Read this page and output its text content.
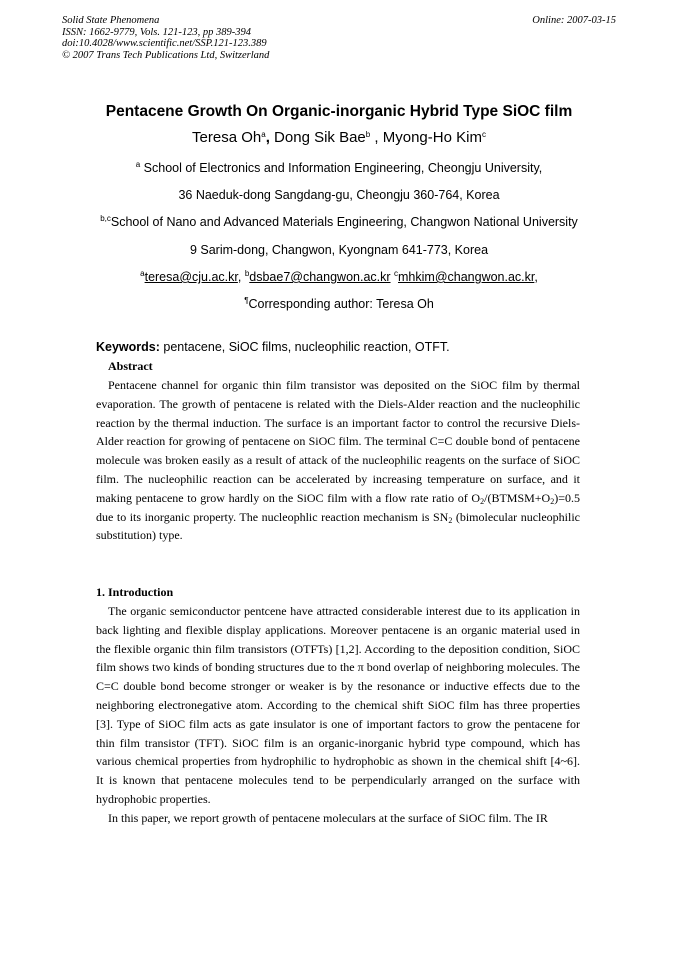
Solid State Phenomena
ISSN: 1662-9779, Vols. 121-123, pp 389-394
doi:10.4028/www.scientific.net/SSP.121-123.389
© 2007 Trans Tech Publications Ltd, Switzerland
Online: 2007-03-15
Pentacene Growth On Organic-inorganic Hybrid Type SiOC film
Teresa Oh$^a$, Dong Sik Bae$^b$ , Myong-Ho Kim$^c$
$^a$ School of Electronics and Information Engineering, Cheongju University,
36 Naeduk-dong Sangdang-gu, Cheongju 360-764, Korea
$^{b,c}$School of Nano and Advanced Materials Engineering, Changwon National University
9 Sarim-dong, Changwon, Kyongnam 641-773, Korea
$^a$teresa@cju.ac.kr, $^b$dsbae7@changwon.ac.kr $^c$mhkim@changwon.ac.kr,
¶Corresponding author: Teresa Oh
Keywords: pentacene, SiOC films, nucleophilic reaction, OTFT.
Abstract

Pentacene channel for organic thin film transistor was deposited on the SiOC film by thermal evaporation. The growth of pentacene is related with the Diels-Alder reaction and the nucleophilic reaction by the thermal induction. The surface is an important factor to control the recursive Diels-Alder reaction for growing of pentacene on SiOC film. The terminal C=C double bond of pentacene molecule was broken easily as a result of attack of the nucleophilic reagents on the surface of SiOC film. The nucleophilic reaction can be accelerated by increasing temperature on surface, and it making pentacene to grow hardly on the SiOC film with a flow rate ratio of $O_2/(BTMSM+O_2)=0.5$ due to its inorganic property. The nucleophlic reaction mechanism is $SN_2$ (bimolecular nucleophilic substitution) type.

1. Introduction

The organic semiconductor pentcene have attracted considerable interest due to its application in back lighting and flexible display applications. Moreover pentacene is an organic material used in the flexible organic thin film transistors (OTFTs) [1,2]. According to the deposition condition, SiOC film shows two kinds of bonding structures due to the π bond overlap of neighboring molecules. The C=C double bond become stronger or weaker is by the resonance or inductive effects due to the neighboring electronegative atom. According to the chemical shift SiOC film has three properties [3]. Type of SiOC film acts as gate insulator is one of important factors to grow the pentacene for thin film transistor (TFT). SiOC film is an organic-inorganic hybrid type compound, which has various chemical properties from hydrophilic to hydrophobic as shown in the chemical shift [4~6]. It is known that pentacene molecules tend to be perpendicularly arranged on the surface with hydrophobic properties.

In this paper, we report growth of pentacene moleculars at the surface of SiOC film. The IR
